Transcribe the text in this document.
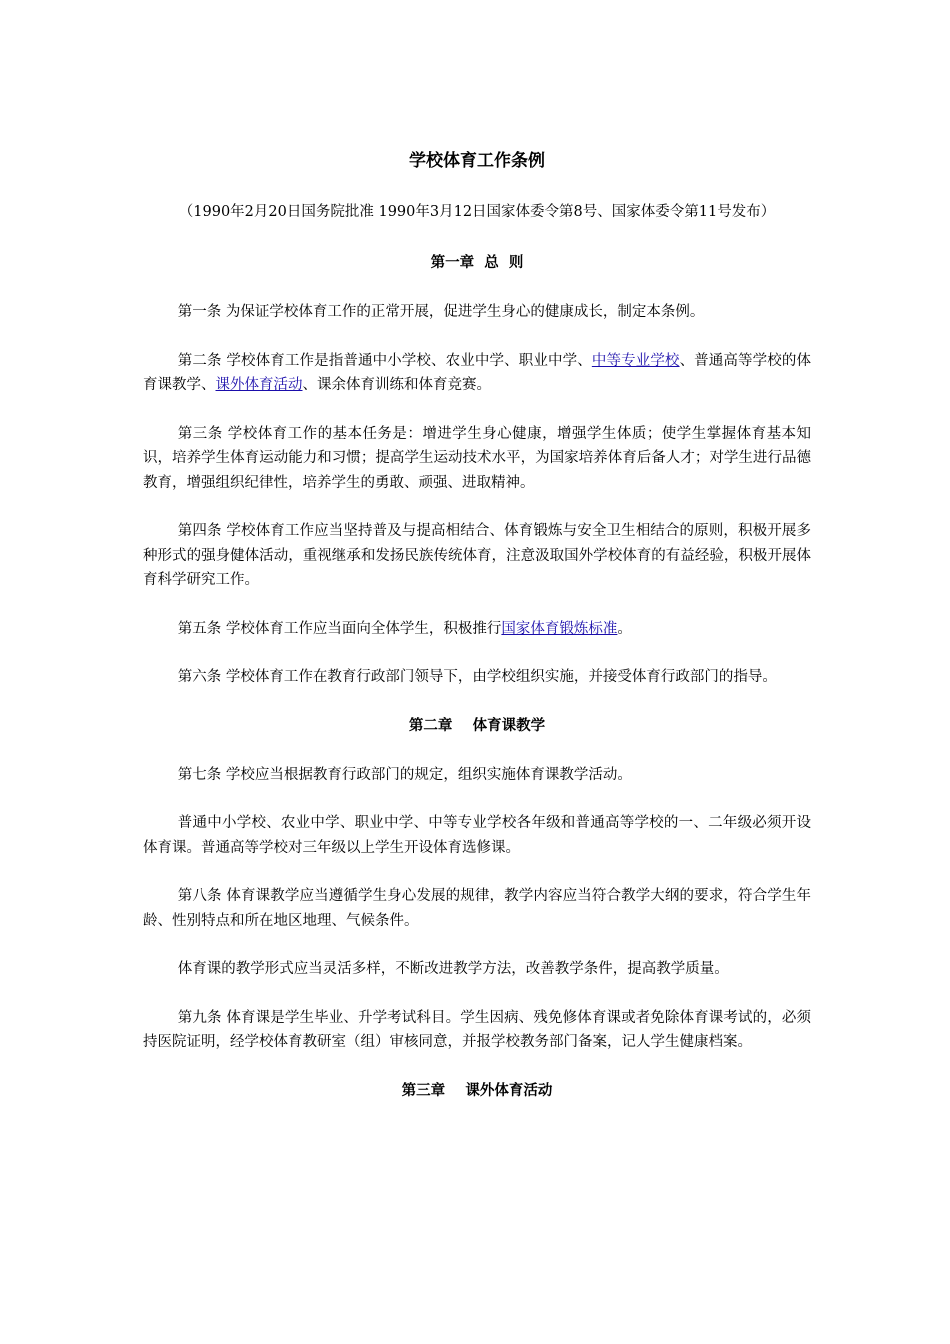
学校体育工作条例
（1990年2月20日国务院批准 1990年3月12日国家体委令第8号、国家体委令第11号发布）
第一章  总  则

第一条 为保证学校体育工作的正常开展，促进学生身心的健康成长，制定本条例。

第二条 学校体育工作是指普通中小学校、农业中学、职业中学、中等专业学校、普通高等学校的体育课教学、课外体育活动、课余体育训练和体育竞赛。

第三条 学校体育工作的基本任务是：增进学生身心健康，增强学生体质；使学生掌握体育基本知识，培养学生体育运动能力和习惯；提高学生运动技术水平，为国家培养体育后备人才；对学生进行品德教育，增强组织纪律性，培养学生的勇敢、顽强、进取精神。

第四条 学校体育工作应当坚持普及与提高相结合、体育锻炼与安全卫生相结合的原则，积极开展多种形式的强身健体活动，重视继承和发扬民族传统体育，注意汲取国外学校体育的有益经验，积极开展体育科学研究工作。

第五条 学校体育工作应当面向全体学生，积极推行国家体育锻炼标准。

第六条 学校体育工作在教育行政部门领导下，由学校组织实施，并接受体育行政部门的指导。

第二章    体育课教学

第七条 学校应当根据教育行政部门的规定，组织实施体育课教学活动。

普通中小学校、农业中学、职业中学、中等专业学校各年级和普通高等学校的一、二年级必须开设体育课。普通高等学校对三年级以上学生开设体育选修课。

第八条 体育课教学应当遵循学生身心发展的规律，教学内容应当符合教学大纲的要求，符合学生年龄、性别特点和所在地区地理、气候条件。

体育课的教学形式应当灵活多样，不断改进教学方法，改善教学条件，提高教学质量。

第九条 体育课是学生毕业、升学考试科目。学生因病、残免修体育课或者免除体育课考试的，必须持医院证明，经学校体育教研室（组）审核同意，并报学校教务部门备案，记人学生健康档案。

第三章    课外体育活动
